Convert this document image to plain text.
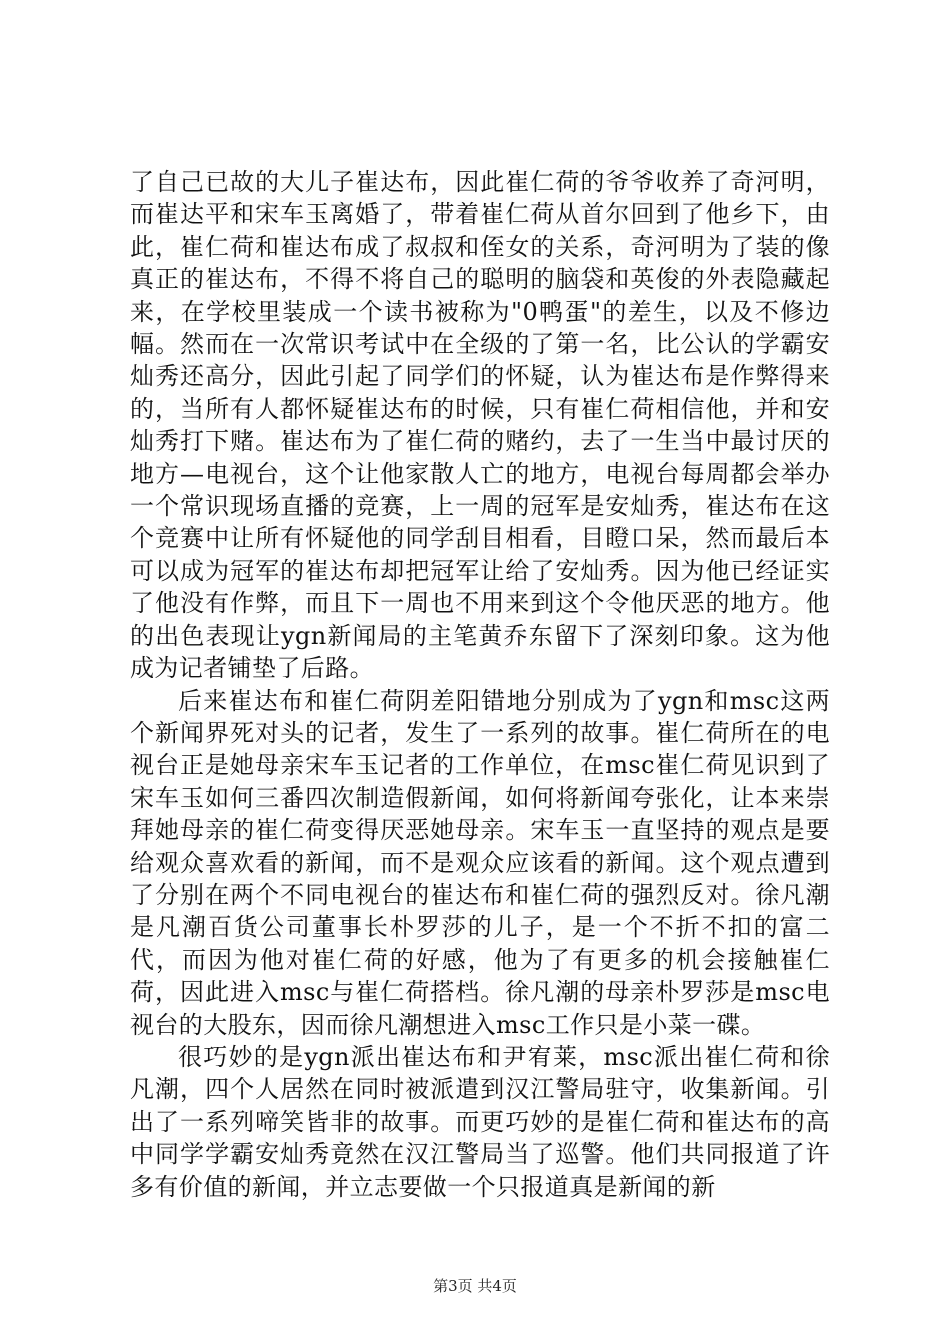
了自己已故的大儿子崔达布，因此崔仁荷的爷爷收养了奇河明，而崔达平和宋车玉离婚了，带着崔仁荷从首尔回到了他乡下，由此，崔仁荷和崔达布成了叔叔和侄女的关系，奇河明为了装的像真正的崔达布，不得不将自己的聪明的脑袋和英俊的外表隐藏起来，在学校里装成一个读书被称为"0鸭蛋"的差生，以及不修边幅。然而在一次常识考试中在全级的了第一名，比公认的学霸安灿秀还高分，因此引起了同学们的怀疑，认为崔达布是作弊得来的，当所有人都怀疑崔达布的时候，只有崔仁荷相信他，并和安灿秀打下赌。崔达布为了崔仁荷的赌约，去了一生当中最讨厌的地方—电视台，这个让他家散人亡的地方，电视台每周都会举办一个常识现场直播的竞赛，上一周的冠军是安灿秀，崔达布在这个竞赛中让所有怀疑他的同学刮目相看，目瞪口呆，然而最后本可以成为冠军的崔达布却把冠军让给了安灿秀。因为他已经证实了他没有作弊，而且下一周也不用来到这个令他厌恶的地方。他的出色表现让ygn新闻局的主笔黄乔东留下了深刻印象。这为他成为记者铺垫了后路。

后来崔达布和崔仁荷阴差阳错地分别成为了ygn和msc这两个新闻界死对头的记者，发生了一系列的故事。崔仁荷所在的电视台正是她母亲宋车玉记者的工作单位，在msc崔仁荷见识到了宋车玉如何三番四次制造假新闻，如何将新闻夸张化，让本来崇拜她母亲的崔仁荷变得厌恶她母亲。宋车玉一直坚持的观点是要给观众喜欢看的新闻，而不是观众应该看的新闻。这个观点遭到了分别在两个不同电视台的崔达布和崔仁荷的强烈反对。徐凡潮是凡潮百货公司董事长朴罗莎的儿子，是一个不折不扣的富二代，而因为他对崔仁荷的好感，他为了有更多的机会接触崔仁荷，因此进入msc与崔仁荷搭档。徐凡潮的母亲朴罗莎是msc电视台的大股东，因而徐凡潮想进入msc工作只是小菜一碟。

很巧妙的是ygn派出崔达布和尹宥莱，msc派出崔仁荷和徐凡潮，四个人居然在同时被派遣到汉江警局驻守，收集新闻。引出了一系列啼笑皆非的故事。而更巧妙的是崔仁荷和崔达布的高中同学学霸安灿秀竟然在汉江警局当了巡警。他们共同报道了许多有价值的新闻，并立志要做一个只报道真是新闻的新

第3页 共4页
